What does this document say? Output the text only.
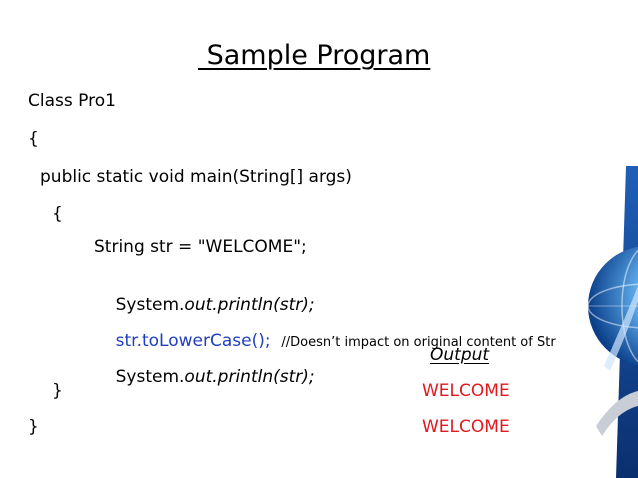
Sample Program
Class Pro1
{
public static void main(String[] args)
{
String str = "WELCOME";

System.out.println(str);

str.toLowerCase(); //Doesn’t impact on original content of Str

System.out.println(str);

Output
}	WELCOME
}	WELCOME
